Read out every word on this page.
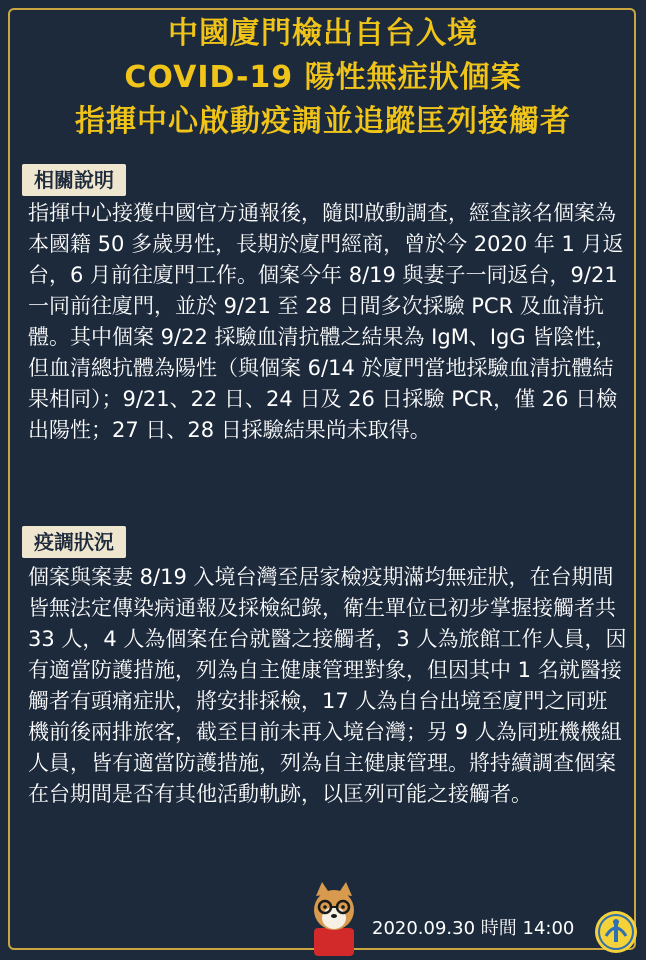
中國廈門檢出自台入境
COVID-19 陽性無症狀個案
指揮中心啟動疫調並追蹤匡列接觸者
相關說明
指揮中心接獲中國官方通報後，隨即啟動調查，經查該名個案為本國籍 50 多歲男性，長期於廈門經商，曾於今 2020 年 1 月返台，6 月前往廈門工作。個案今年 8/19 與妻子一同返台，9/21 一同前往廈門，並於 9/21 至 28 日間多次採驗 PCR 及血清抗體。其中個案 9/22 採驗血清抗體之結果為 IgM、IgG 皆陰性，但血清總抗體為陽性（與個案 6/14 於廈門當地採驗血清抗體結果相同）；9/21、22 日、24 日及 26 日採驗 PCR，僅 26 日檢出陽性；27 日、28 日採驗結果尚未取得。
疫調狀況
個案與案妻 8/19 入境台灣至居家檢疫期滿均無症狀，在台期間皆無法定傳染病通報及採檢紀錄，衛生單位已初步掌握接觸者共 33 人，4 人為個案在台就醫之接觸者，3 人為旅館工作人員，因有適當防護措施，列為自主健康管理對象，但因其中 1 名就醫接觸者有頭痛症狀，將安排採檢，17 人為自台出境至廈門之同班機前後兩排旅客，截至目前未再入境台灣；另 9 人為同班機機組人員，皆有適當防護措施，列為自主健康管理。將持續調查個案在台期間是否有其他活動軌跡，以匡列可能之接觸者。
2020.09.30 時間 14:00
